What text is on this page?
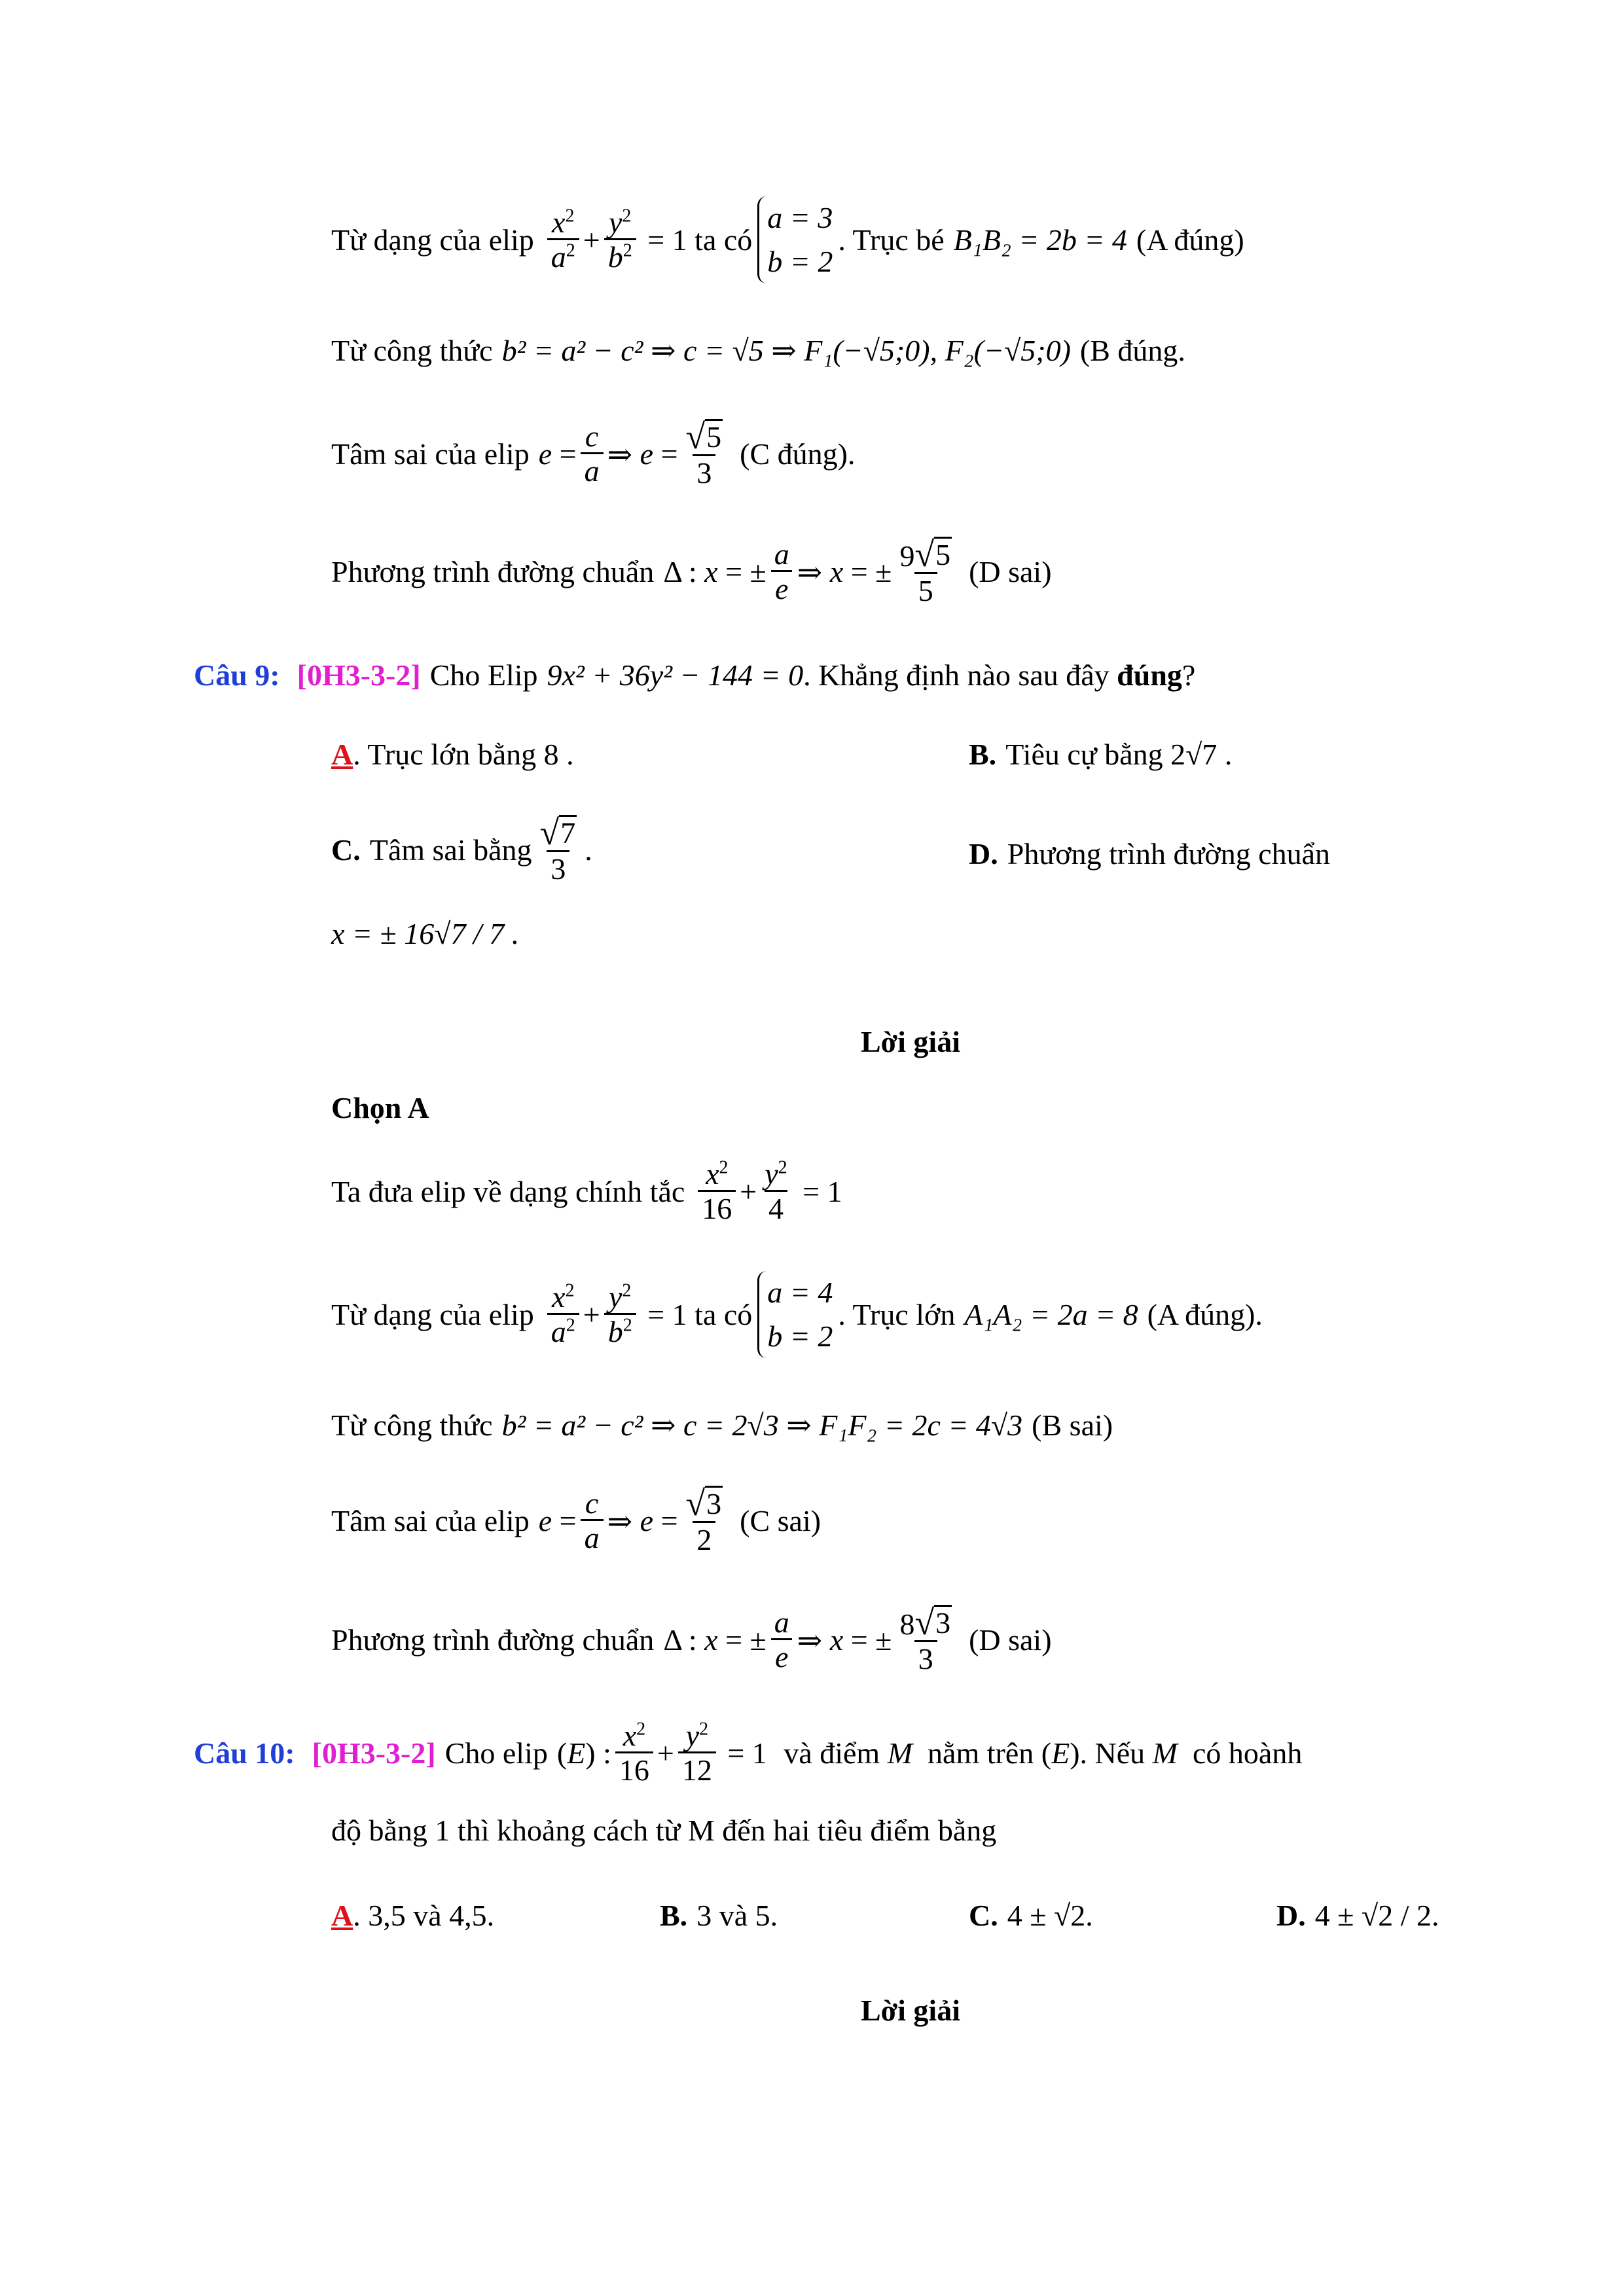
Từ dạng của elip $\frac{x^2}{a^2} + \frac{y^2}{b^2} = 1$ ta có
a = 3
b = 2
. Trục bé B₁B₂ = 2b = 4 (A đúng)
Từ công thức b² = a² − c² ⇒ c = √5 ⇒ F₁(−√5;0), F₂(−√5;0) (B đúng.
Tâm sai của elip $e = \frac{c}{a}$ ⇒ $e = \frac{√ 5}{3} (C$ đúng).
Phương trình đường chuẩn Δ : x = ± $\frac{a}{e}$ ⇒ x = ± $\frac{9 √ 5}{5} (D$ sai)
Câu 9: [0H3-3-2] Cho Elip 9x² + 36y² − 144 = 0 . Khẳng định nào sau đây
đúng ?
A . Trục lớn bằng 8 .	B. Tiêu cự bằng 2√7 .
C. Tâm sai bằng $\frac{√ 7}{3}$ .	D. Phương trình đường chuẩn
x = ± 16√7 / 7 .
Lời giải
Chọn A
Ta đưa elip về dạng chính tắc $\frac{x^2}{16} + \frac{y^2}{4} = 1$
Từ dạng của elip $\frac{x^2}{a^2} + \frac{y^2}{b^2} = 1$ ta có
a = 4
b = 2
. Trục lớn A₁A₂ = 2a = 8 (A đúng).
Từ công thức b² = a² − c² ⇒ c = 2√3 ⇒ F₁F₂ = 2c = 4√3 (B sai)
Tâm sai của elip $e = \frac{c}{a}$ ⇒ $e = \frac{√ 3}{2} (C$ sai)
Phương trình đường chuẩn Δ : x = ± $\frac{a}{e}$ ⇒ x = ± $\frac{8 √ 3}{3} (D$ sai)
Câu 10: [0H3-3-2] Cho elip ( E ) : $\frac{x^2}{16} + \frac{y^2}{12} = 1$ và điểm
M
nằm trên ( E ) . Nếu
M
có hoành
độ bằng 1 thì khoảng cách từ M đến hai tiêu điểm bằng
A . 3,5 và 4,5.	B. 3 và 5.	C. 4 ± √2.	D. 4 ± √2 / 2.
Lời giải
